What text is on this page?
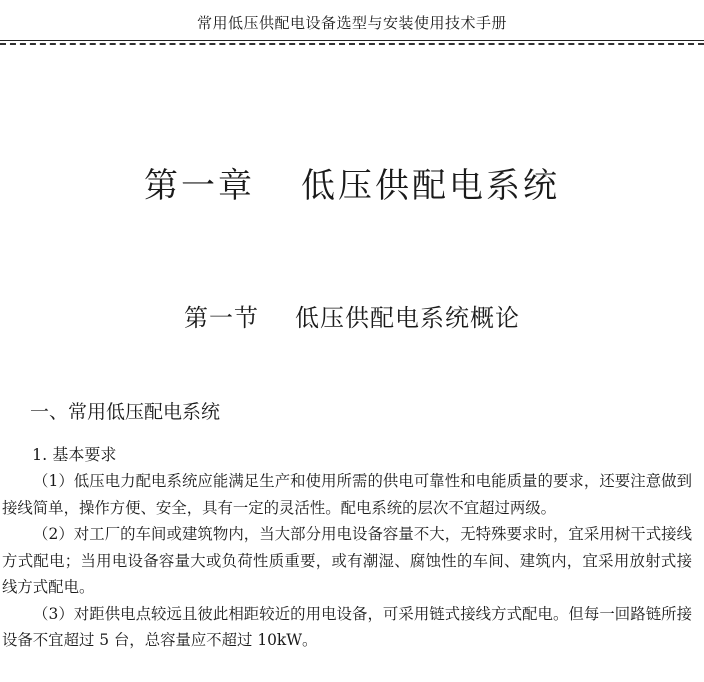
常用低压供配电设备选型与安装使用技术手册
第一章 低压供配电系统
第一节 低压供配电系统概论
一、常用低压配电系统
1. 基本要求

（1）低压电力配电系统应能满足生产和使用所需的供电可靠性和电能质量的要求，还要注意做到接线简单，操作方便、安全，具有一定的灵活性。配电系统的层次不宜超过两级。

（2）对工厂的车间或建筑物内，当大部分用电设备容量不大，无特殊要求时，宜采用树干式接线方式配电；当用电设备容量大或负荷性质重要，或有潮湿、腐蚀性的车间、建筑内，宜采用放射式接线方式配电。

（3）对距供电点较远且彼此相距较近的用电设备，可采用链式接线方式配电。但每一回路链所接设备不宜超过 5 台，总容量应不超过 10kW。
